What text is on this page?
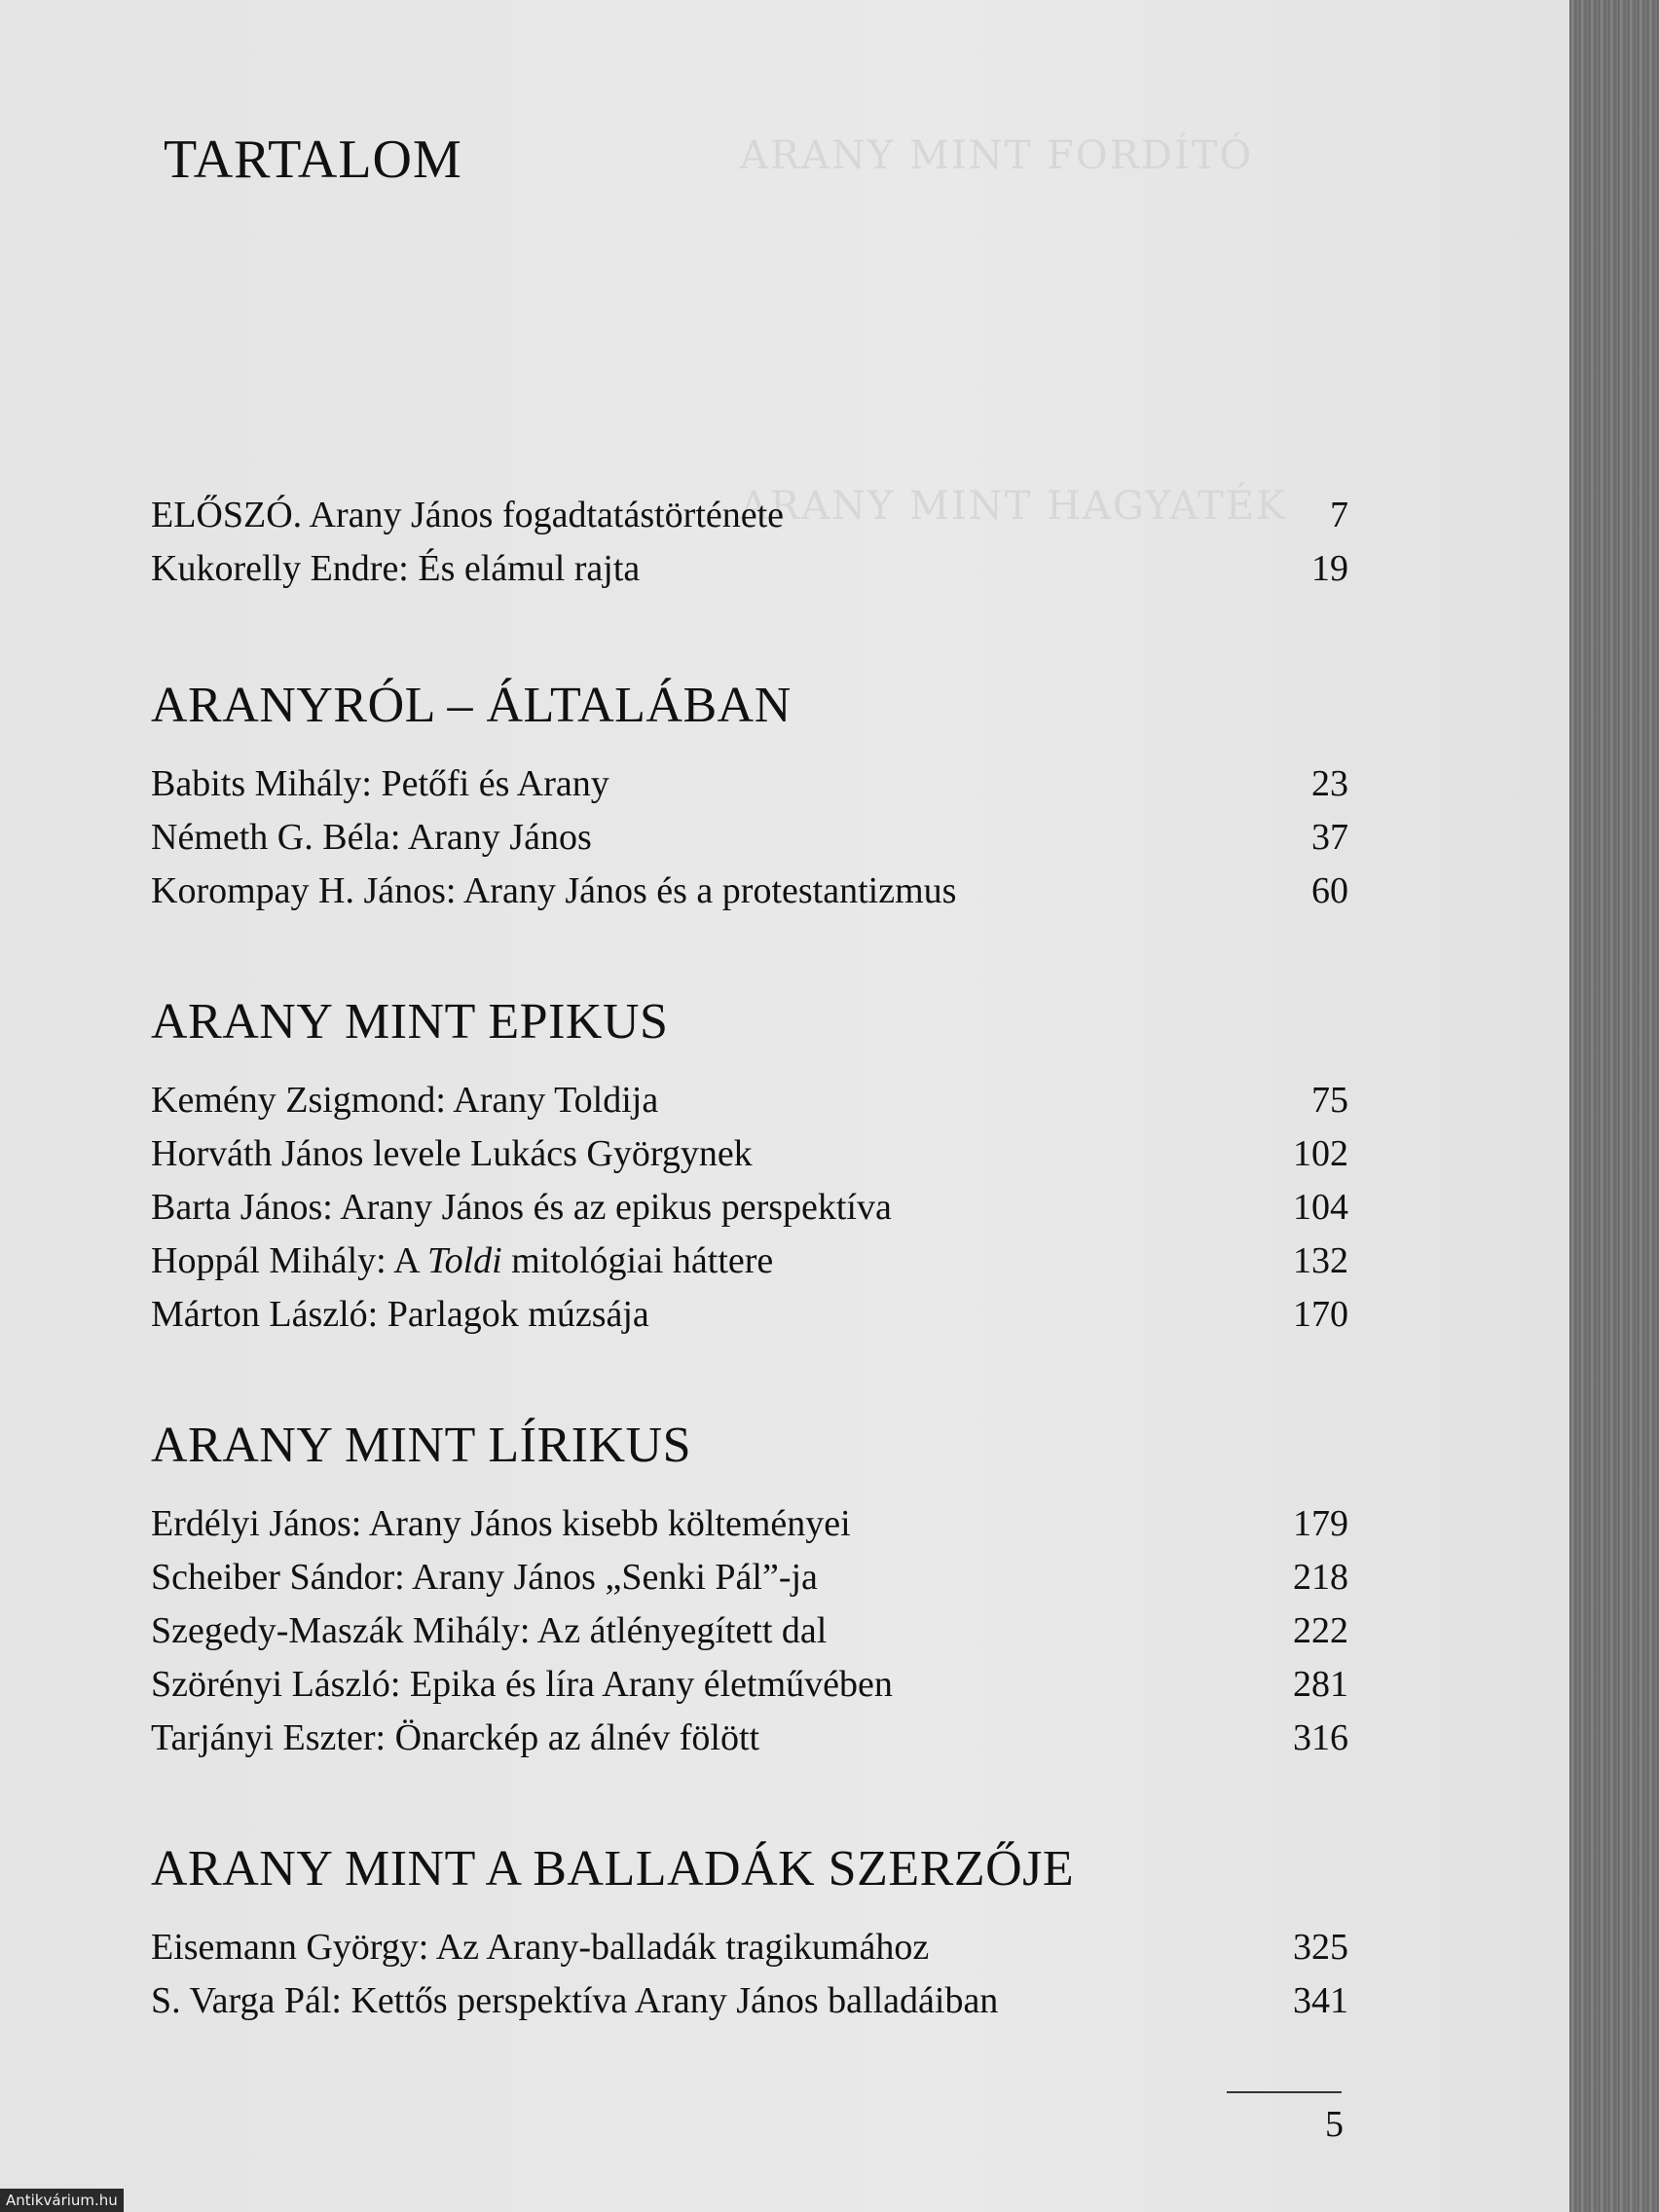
ARANY MINT FORDÍTÓ
ARANY MINT HAGYATÉK
TARTALOM
ELŐSZÓ. Arany János fogadtatástörténete	7
Kukorelly Endre: És elámul rajta	19
ARANYRÓL – ÁLTALÁBAN
Babits Mihály: Petőfi és Arany	23
Németh G. Béla: Arany János	37
Korompay H. János: Arany János és a protestantizmus	60
ARANY MINT EPIKUS
Kemény Zsigmond: Arany Toldija	75
Horváth János levele Lukács Györgynek	102
Barta János: Arany János és az epikus perspektíva	104
Hoppál Mihály: A Toldi mitológiai háttere	132
Márton László: Parlagok múzsája	170
ARANY MINT LÍRIKUS
Erdélyi János: Arany János kisebb költeményei	179
Scheiber Sándor: Arany János „Senki Pál”-ja	218
Szegedy-Maszák Mihály: Az átlényegített dal	222
Szörényi László: Epika és líra Arany életművében	281
Tarjányi Eszter: Önarckép az álnév fölött	316
ARANY MINT A BALLADÁK SZERZŐJE
Eisemann György: Az Arany-balladák tragikumához	325
S. Varga Pál: Kettős perspektíva Arany János balladáiban	341
5
Antikvárium.hu
